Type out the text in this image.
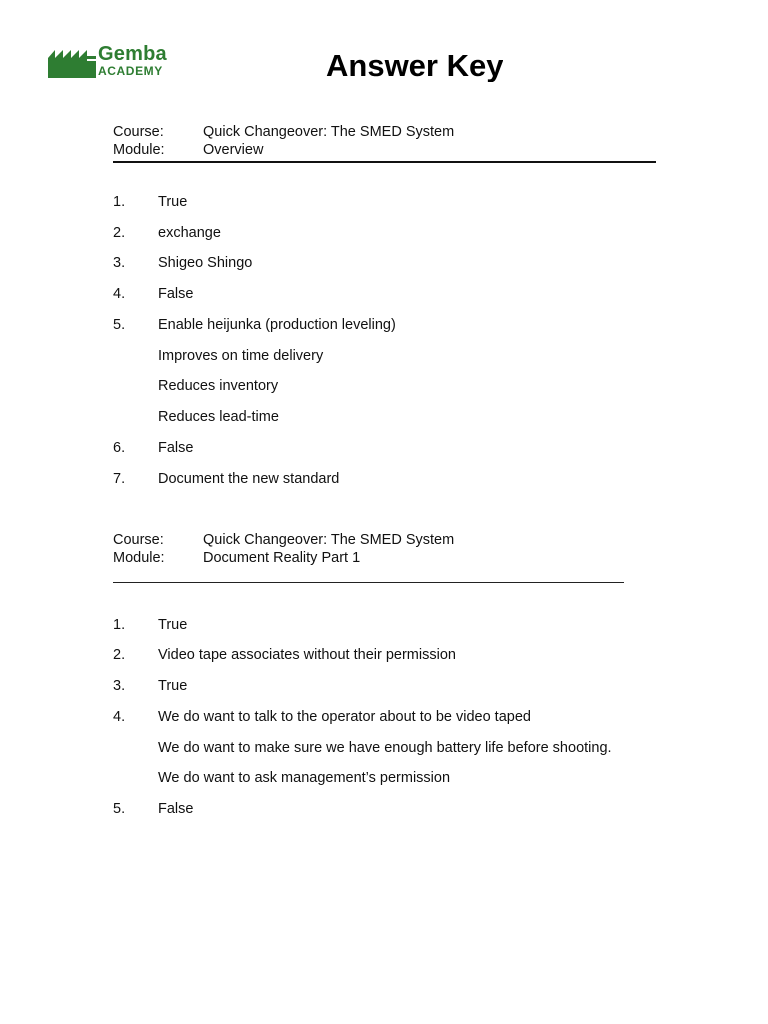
Gemba
ACADEMY	Answer Key
Course:	Quick Changeover: The SMED System
Module:	Overview
1. True
2. exchange
3. Shigeo Shingo
4. False
5. Enable heijunka (production leveling)
Improves on time delivery
Reduces inventory
Reduces lead-time
6. False
7. Document the new standard
Course:	Quick Changeover: The SMED System
Module:	Document Reality Part 1
1. True
2. Video tape associates without their permission
3. True
4. We do want to talk to the operator about to be video taped
We do want to make sure we have enough battery life before shooting.
We do want to ask management’s permission
5. False
